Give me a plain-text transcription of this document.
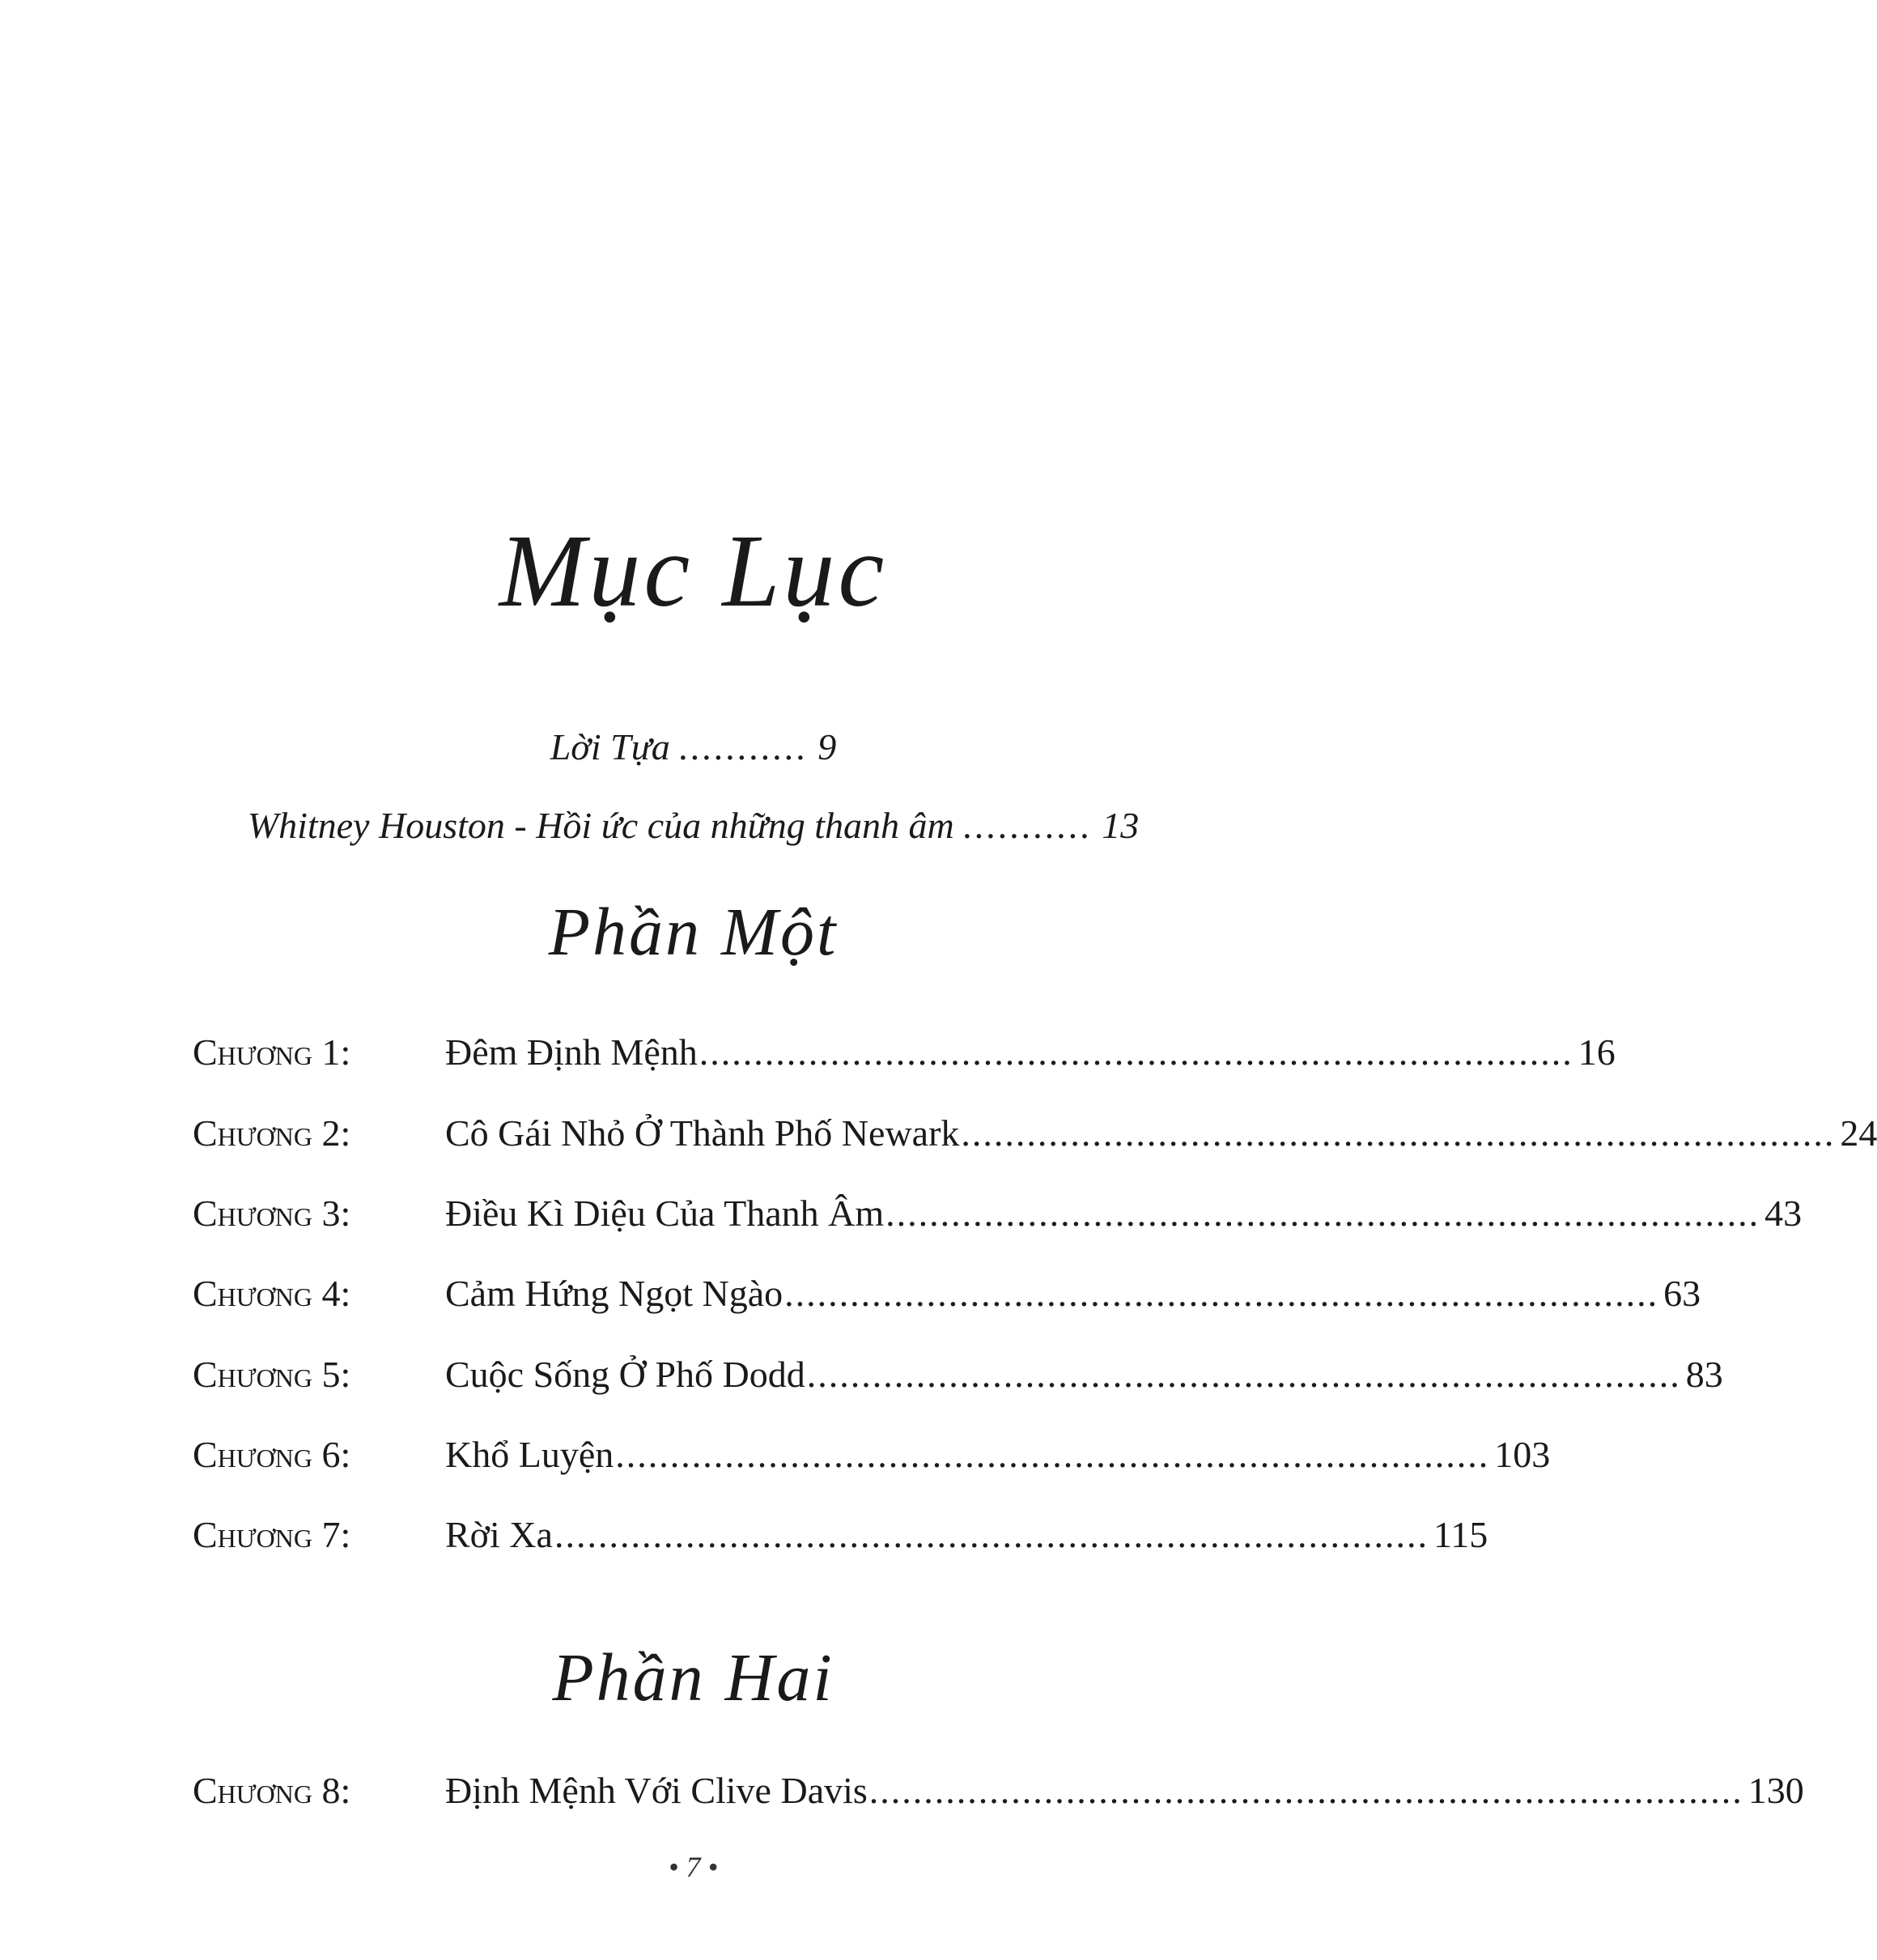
Mục Lục
Lời Tựa ........... 9
Whitney Houston - Hồi ức của những thanh âm ........... 13
Phần Một
Chương 1:	Đêm Định Mệnh ................................................................................ 16
Chương 2:	Cô Gái Nhỏ Ở Thành Phố Newark ................................................................................ 24
Chương 3:	Điều Kì Diệu Của Thanh Âm ................................................................................ 43
Chương 4:	Cảm Hứng Ngọt Ngào ................................................................................ 63
Chương 5:	Cuộc Sống Ở Phố Dodd ................................................................................ 83
Chương 6:	Khổ Luyện ................................................................................ 103
Chương 7:	Rời Xa ................................................................................ 115
Phần Hai
Chương 8:	Định Mệnh Với Clive Davis ................................................................................ 130
• 7 •
